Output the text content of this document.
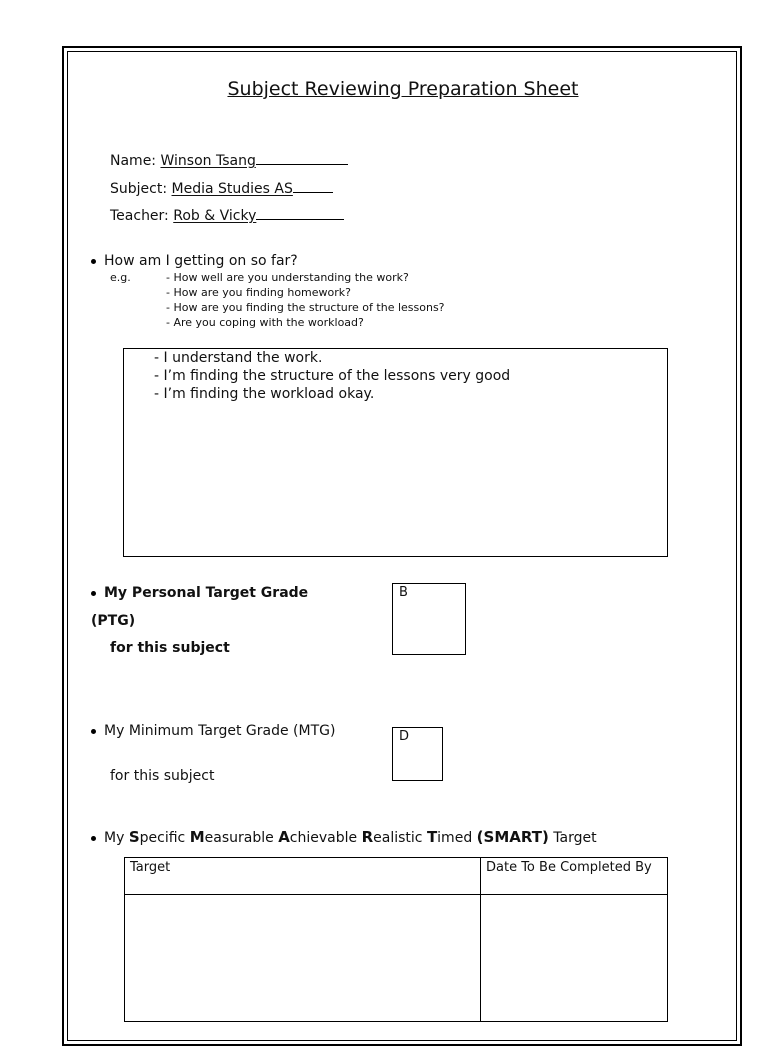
Subject Reviewing Preparation Sheet
Name: Winson Tsang
Subject: Media Studies AS
Teacher: Rob & Vicky
How am I getting on so far?
e.g.	- How well are you understanding the work?
- How are you finding homework?
- How are you finding the structure of the lessons?
- Are you coping with the workload?
- I understand the work.
- I’m finding the structure of the lessons very good
- I’m finding the workload okay.
My Personal Target Grade
(PTG)
for this subject
B
My Minimum Target Grade (MTG)
for this subject
D
My Specific Measurable Achievable Realistic Timed (SMART) Target
Target	Date To Be Completed By
